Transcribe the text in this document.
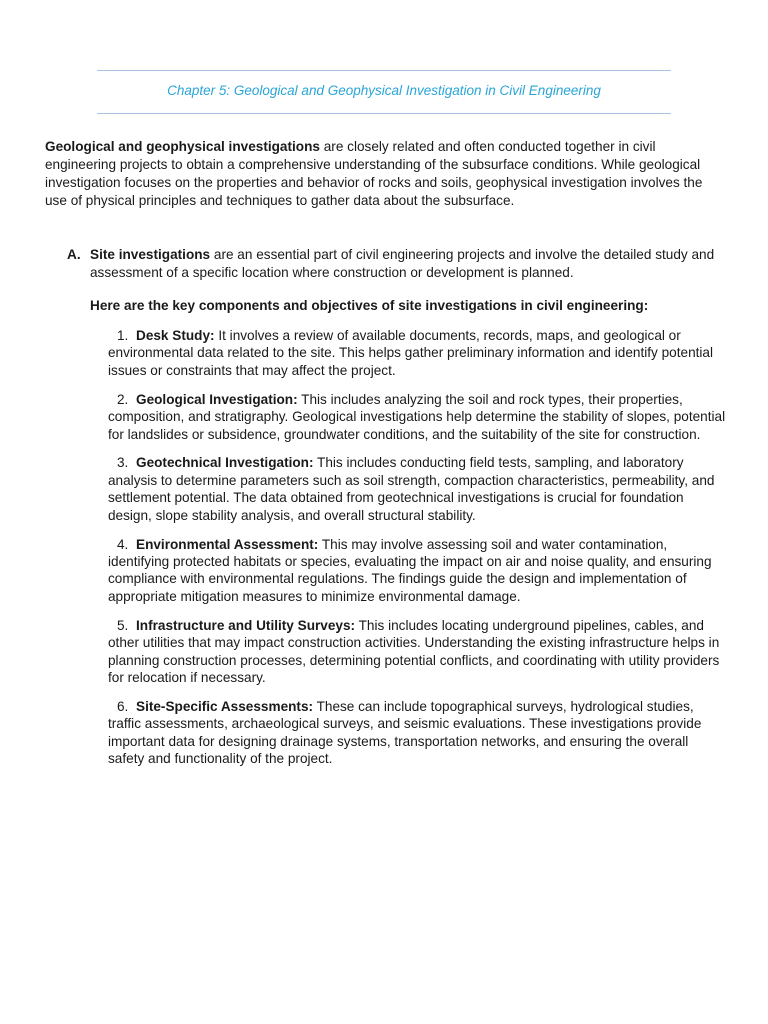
Chapter 5: Geological and Geophysical Investigation in Civil Engineering

Geological and geophysical investigations are closely related and often conducted together in civil engineering projects to obtain a comprehensive understanding of the subsurface conditions. While geological investigation focuses on the properties and behavior of rocks and soils, geophysical investigation involves the use of physical principles and techniques to gather data about the subsurface.

A. Site investigations are an essential part of civil engineering projects and involve the detailed study and assessment of a specific location where construction or development is planned.

Here are the key components and objectives of site investigations in civil engineering:

1. Desk Study: It involves a review of available documents, records, maps, and geological or environmental data related to the site. This helps gather preliminary information and identify potential issues or constraints that may affect the project.
2. Geological Investigation: This includes analyzing the soil and rock types, their properties, composition, and stratigraphy. Geological investigations help determine the stability of slopes, potential for landslides or subsidence, groundwater conditions, and the suitability of the site for construction.
3. Geotechnical Investigation: This includes conducting field tests, sampling, and laboratory analysis to determine parameters such as soil strength, compaction characteristics, permeability, and settlement potential. The data obtained from geotechnical investigations is crucial for foundation design, slope stability analysis, and overall structural stability.
4. Environmental Assessment: This may involve assessing soil and water contamination, identifying protected habitats or species, evaluating the impact on air and noise quality, and ensuring compliance with environmental regulations. The findings guide the design and implementation of appropriate mitigation measures to minimize environmental damage.
5. Infrastructure and Utility Surveys: This includes locating underground pipelines, cables, and other utilities that may impact construction activities. Understanding the existing infrastructure helps in planning construction processes, determining potential conflicts, and coordinating with utility providers for relocation if necessary.
6. Site-Specific Assessments: These can include topographical surveys, hydrological studies, traffic assessments, archaeological surveys, and seismic evaluations. These investigations provide important data for designing drainage systems, transportation networks, and ensuring the overall safety and functionality of the project.
